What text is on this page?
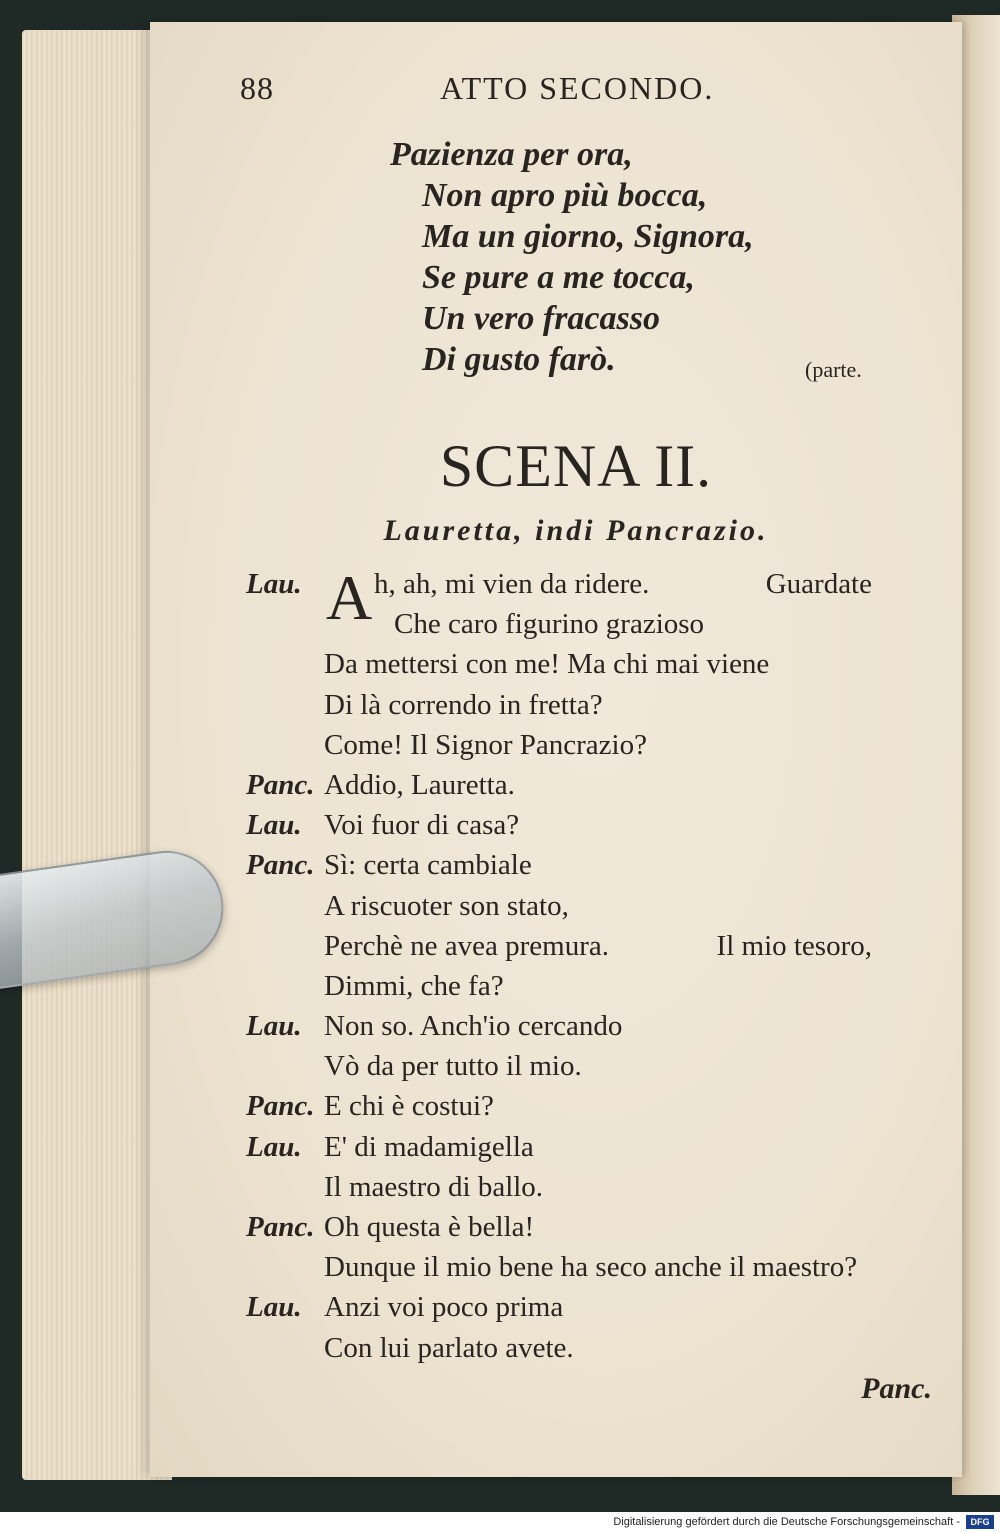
88	ATTO SECONDO.
Pazienza per ora,
Non apro più bocca,
Ma un giorno, Signora,
Se pure a me tocca,
Un vero fracasso
Di gusto farò.	(parte.
SCENA II.
Lauretta, indi Pancrazio.
Lau. A h, ah, mi vien da ridere.	Guardate
Che caro figurino grazioso
Da mettersi con me! Ma chi mai viene
Di là correndo in fretta?
Come! Il Signor Pancrazio?
Panc. Addio, Lauretta.
Lau. Voi fuor di casa?
Panc. Sì: certa cambiale
A riscuoter son stato,
Perchè ne avea premura.	Il mio tesoro,
Dimmi, che fa?
Lau. Non so. Anch'io cercando
Vò da per tutto il mio.
Panc. E chi è costui?
Lau. E' di madamigella
Il maestro di ballo.
Panc. Oh questa è bella!
Dunque il mio bene ha seco anche il maestro?
Lau. Anzi voi poco prima
Con lui parlato avete.
Panc.
Digitalisierung gefördert durch die Deutsche Forschungsgemeinschaft -	DFG
